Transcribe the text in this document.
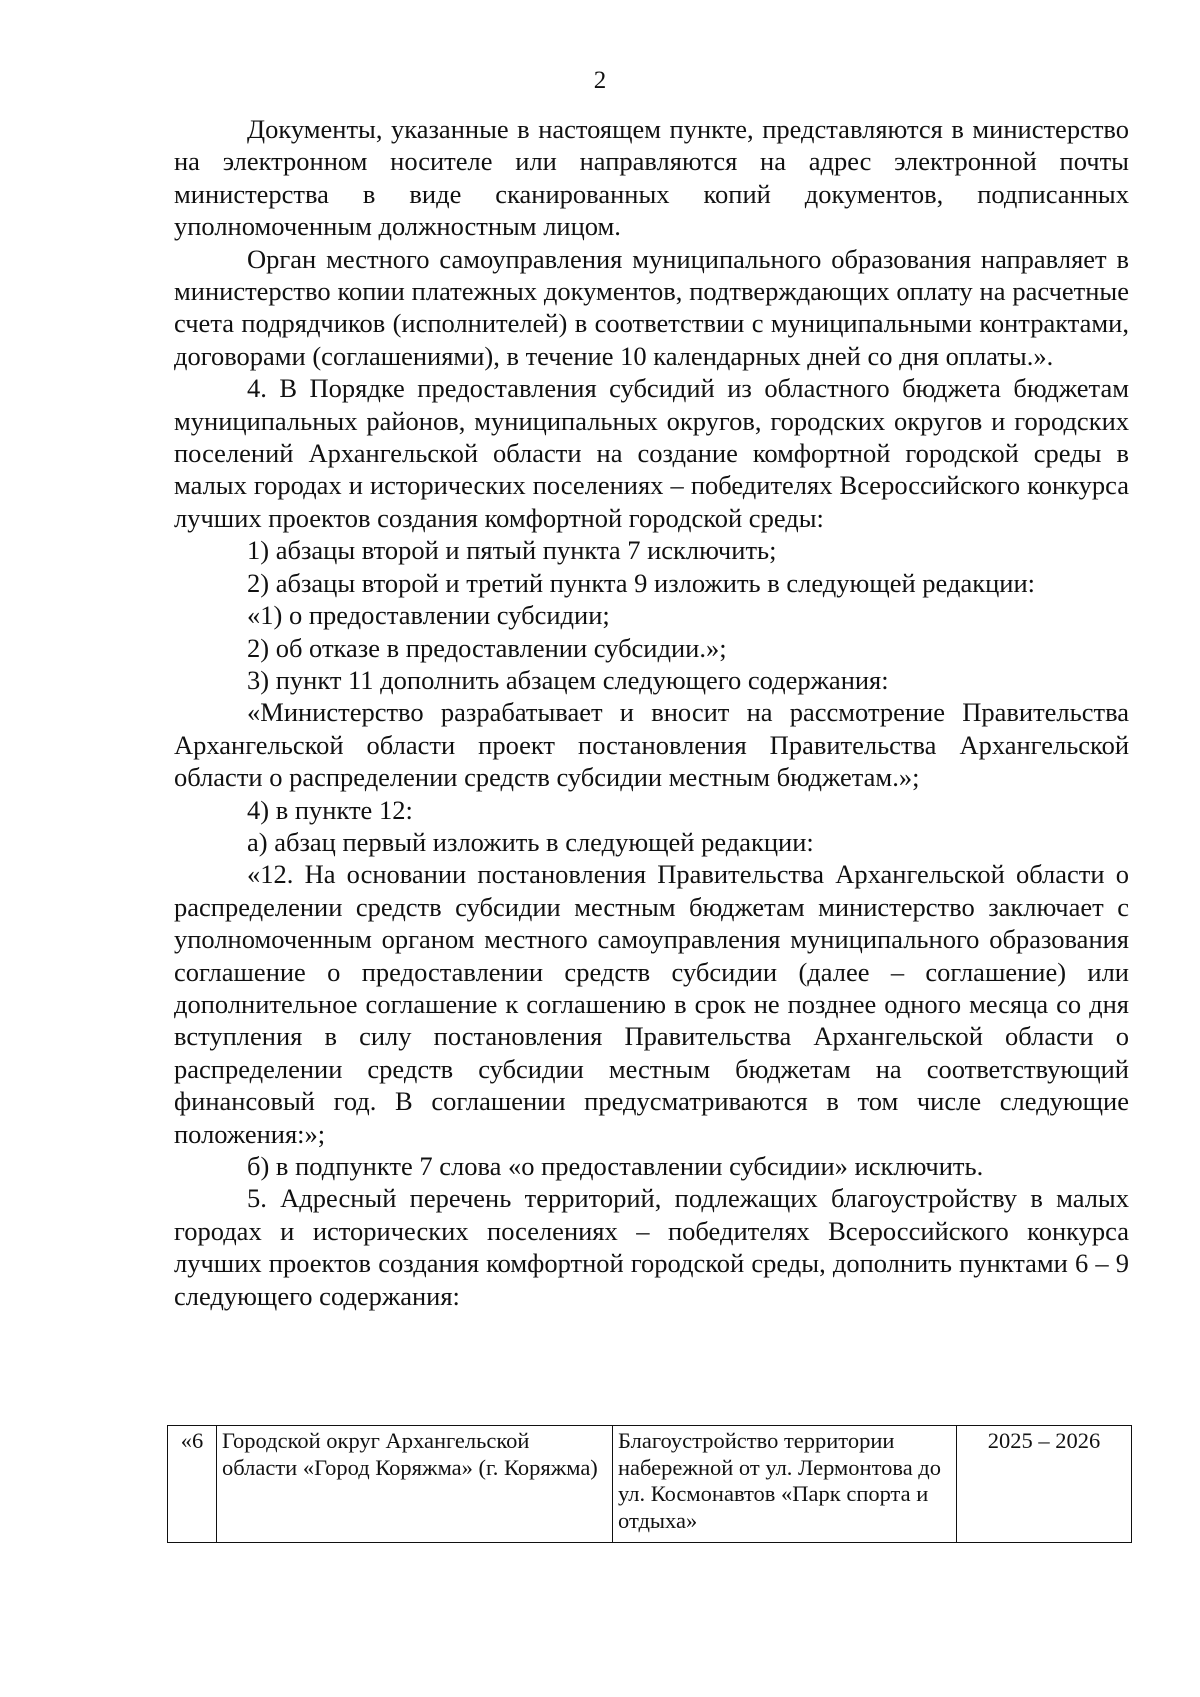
2

Документы, указанные в настоящем пункте, представляются в министерство на электронном носителе или направляются на адрес электронной почты министерства в виде сканированных копий документов, подписанных уполномоченным должностным лицом.

Орган местного самоуправления муниципального образования направляет в министерство копии платежных документов, подтверждающих оплату на расчетные счета подрядчиков (исполнителей) в соответствии с муниципальными контрактами, договорами (соглашениями), в течение 10 календарных дней со дня оплаты.».

4. В Порядке предоставления субсидий из областного бюджета бюджетам муниципальных районов, муниципальных округов, городских округов и городских поселений Архангельской области на создание комфортной городской среды в малых городах и исторических поселениях – победителях Всероссийского конкурса лучших проектов создания комфортной городской среды:

1) абзацы второй и пятый пункта 7 исключить;

2) абзацы второй и третий пункта 9 изложить в следующей редакции:

«1) о предоставлении субсидии;

2) об отказе в предоставлении субсидии.»;

3) пункт 11 дополнить абзацем следующего содержания:

«Министерство разрабатывает и вносит на рассмотрение Правительства Архангельской области проект постановления Правительства Архангельской области о распределении средств субсидии местным бюджетам.»;

4) в пункте 12:

а) абзац первый изложить в следующей редакции:

«12. На основании постановления Правительства Архангельской области о распределении средств субсидии местным бюджетам министерство заключает с уполномоченным органом местного самоуправления муниципального образования соглашение о предоставлении средств субсидии (далее – соглашение) или дополнительное соглашение к соглашению в срок не позднее одного месяца со дня вступления в силу постановления Правительства Архангельской области о распределении средств субсидии местным бюджетам на соответствующий финансовый год. В соглашении предусматриваются в том числе следующие положения:»;

б) в подпункте 7 слова «о предоставлении субсидии» исключить.

5. Адресный перечень территорий, подлежащих благоустройству в малых городах и исторических поселениях – победителях Всероссийского конкурса лучших проектов создания комфортной городской среды, дополнить пунктами 6 – 9 следующего содержания:

«6	Городской округ Архангельской области «Город Коряжма» (г. Коряжма)	Благоустройство территории набережной от ул. Лермонтова до ул. Космонавтов «Парк спорта и отдыха»	2025 – 2026
